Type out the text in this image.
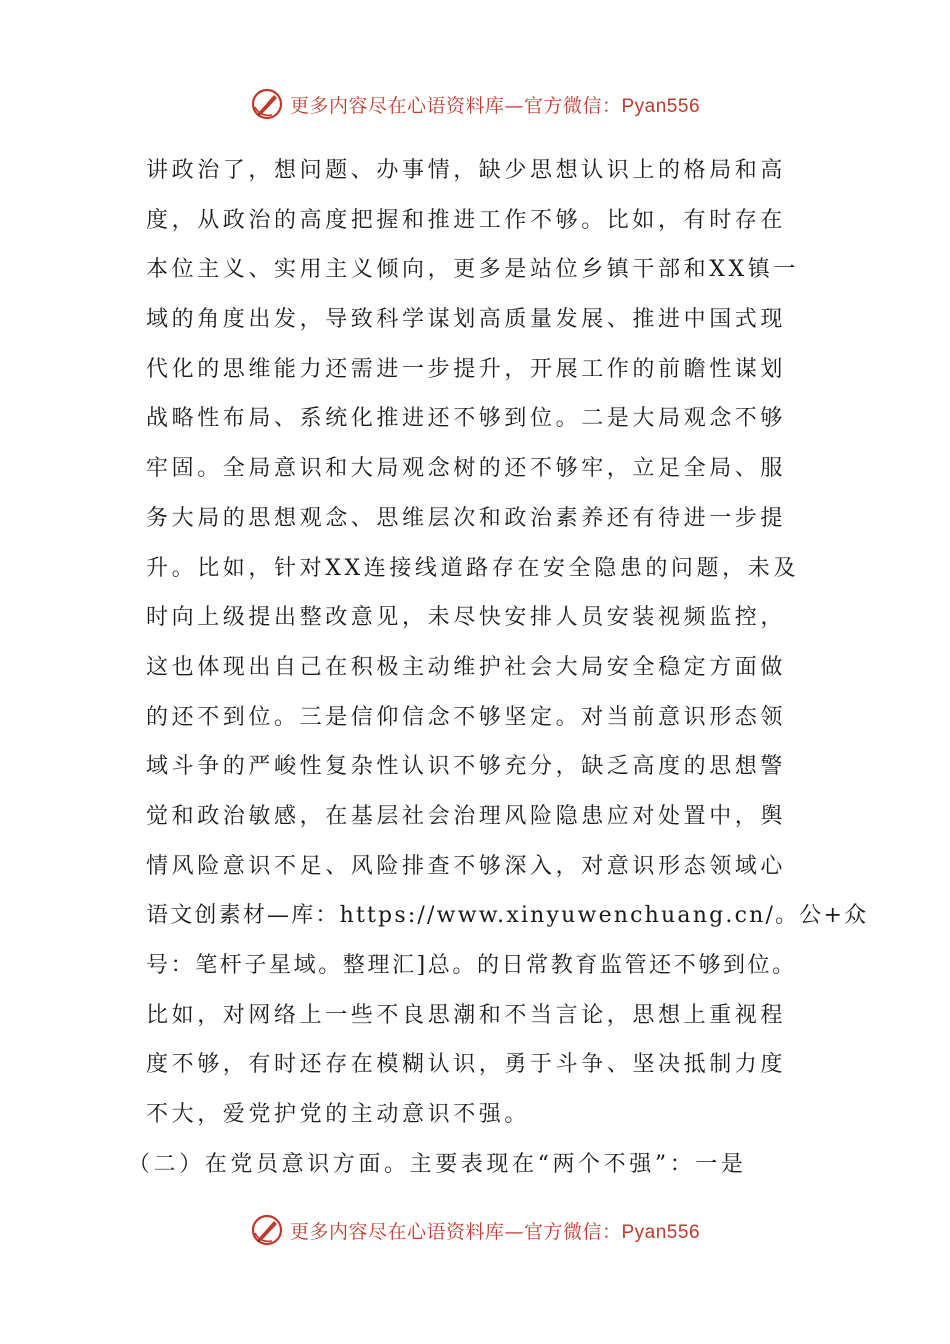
更多内容尽在心语资料库—官方微信：Pyan556
讲政治了，想问题、办事情，缺少思想认识上的格局和高
度，从政治的高度把握和推进工作不够。比如，有时存在
本位主义、实用主义倾向，更多是站位乡镇干部和XX镇一
域的角度出发，导致科学谋划高质量发展、推进中国式现
代化的思维能力还需进一步提升，开展工作的前瞻性谋划
战略性布局、系统化推进还不够到位。二是大局观念不够
牢固。全局意识和大局观念树的还不够牢，立足全局、服
务大局的思想观念、思维层次和政治素养还有待进一步提
升。比如，针对XX连接线道路存在安全隐患的问题，未及
时向上级提出整改意见，未尽快安排人员安装视频监控，
这也体现出自己在积极主动维护社会大局安全稳定方面做
的还不到位。三是信仰信念不够坚定。对当前意识形态领
域斗争的严峻性复杂性认识不够充分，缺乏高度的思想警
觉和政治敏感，在基层社会治理风险隐患应对处置中，舆
情风险意识不足、风险排查不够深入，对意识形态领域心
语文创素材—库：https://www.xinyuwenchuang.cn/。公+众
号：笔杆子星域。整理汇]总。的日常教育监管还不够到位。
比如，对网络上一些不良思潮和不当言论，思想上重视程
度不够，有时还存在模糊认识，勇于斗争、坚决抵制力度
不大，爱党护党的主动意识不强。
（二）在党员意识方面。主要表现在“两个不强”：一是
更多内容尽在心语资料库—官方微信：Pyan556
